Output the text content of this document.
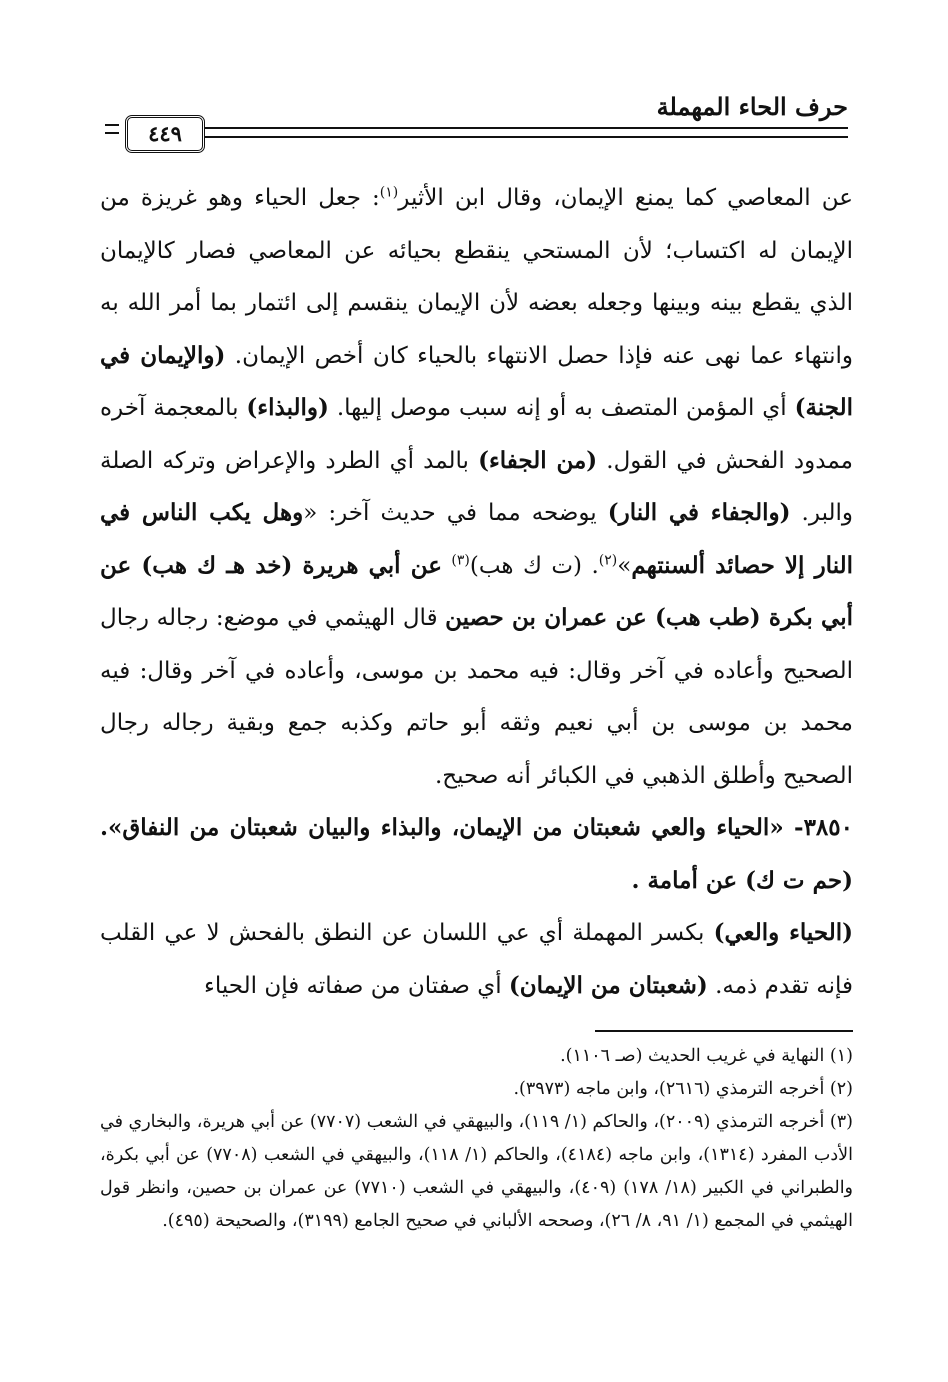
حرف الحاء المهملة
٤٤٩

عن المعاصي كما يمنع الإيمان، وقال ابن الأثير$^{(١)}$: جعل الحياء وهو غريزة من الإيمان له اكتساب؛ لأن المستحي ينقطع بحيائه عن المعاصي فصار كالإيمان الذي يقطع بينه وبينها وجعله بعضه لأن الإيمان ينقسم إلى ائتمار بما أمر الله به وانتهاء عما نهى عنه فإذا حصل الانتهاء بالحياء كان أخص الإيمان. (والإيمان في الجنة) أي المؤمن المتصف به أو إنه سبب موصل إليها. (والبذاء) بالمعجمة آخره ممدود الفحش في القول. (من الجفاء) بالمد أي الطرد والإعراض وتركه الصلة والبر. (والجفاء في النار) يوضحه مما في حديث آخر: «وهل يكب الناس في النار إلا حصائد ألسنتهم»$^{(٢)}$. (ت ك هب)$^{(٣)}$ عن أبي هريرة (خد هـ ك هب) عن أبي بكرة (طب هب) عن عمران بن حصين قال الهيثمي في موضع: رجاله رجال الصحيح وأعاده في آخر وقال: فيه محمد بن موسى، وأعاده في آخر وقال: فيه محمد بن موسى بن أبي نعيم وثقه أبو حاتم وكذبه جمع وبقية رجاله رجال الصحيح وأطلق الذهبي في الكبائر أنه صحيح.

٣٨٥٠- «الحياء والعي شعبتان من الإيمان، والبذاء والبيان شعبتان من النفاق». (حم ت ك) عن أمامة .

(الحياء والعي) بكسر المهملة أي عي اللسان عن النطق بالفحش لا عي القلب فإنه تقدم ذمه. (شعبتان من الإيمان) أي صفتان من صفاته فإن الحياء

(١) النهاية في غريب الحديث (صـ ١١٠٦).

(٢) أخرجه الترمذي (٢٦١٦)، وابن ماجه (٣٩٧٣).

(٣) أخرجه الترمذي (٢٠٠٩)، والحاكم (١/ ١١٩)، والبيهقي في الشعب (٧٧٠٧) عن أبي هريرة، والبخاري في الأدب المفرد (١٣١٤)، وابن ماجه (٤١٨٤)، والحاكم (١/ ١١٨)، والبيهقي في الشعب (٧٧٠٨) عن أبي بكرة، والطبراني في الكبير (١٨/ ١٧٨) (٤٠٩)، والبيهقي في الشعب (٧٧١٠) عن عمران بن حصين، وانظر قول الهيثمي في المجمع (١/ ٩١، ٨/ ٢٦)، وصححه الألباني في صحيح الجامع (٣١٩٩)، والصحيحة (٤٩٥).
